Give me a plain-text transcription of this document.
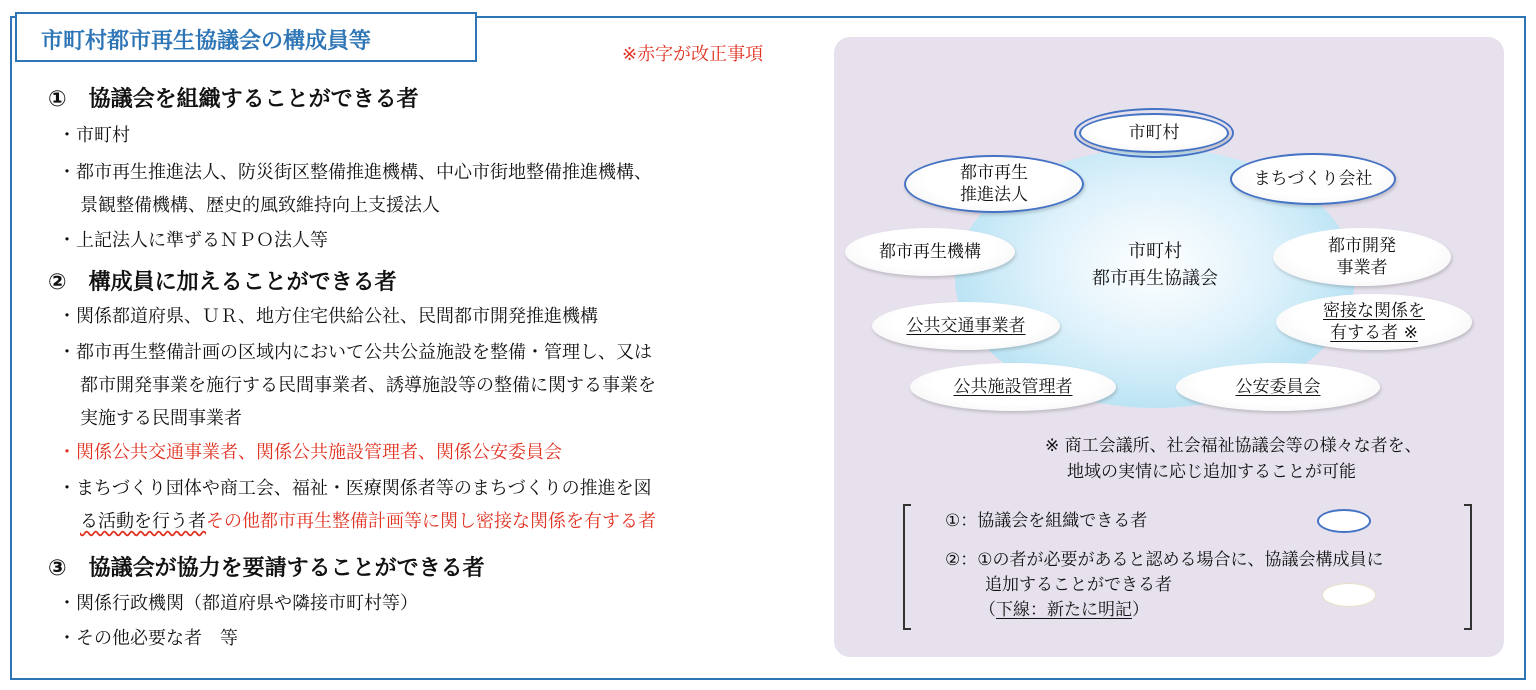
市町村都市再生協議会の構成員等
※赤字が改正事項
①　協議会を組織することができる者
・市町村
・都市再生推進法人、防災街区整備推進機構、中心市街地整備推進機構、
景観整備機構、歴史的風致維持向上支援法人
・上記法人に準ずるＮＰＯ法人等
②　構成員に加えることができる者
・関係都道府県、ＵＲ、地方住宅供給公社、民間都市開発推進機構
・都市再生整備計画の区域内において公共公益施設を整備・管理し、又は
都市開発事業を施行する民間事業者、誘導施設等の整備に関する事業を
実施する民間事業者
・関係公共交通事業者、関係公共施設管理者、関係公安委員会
・まちづくり団体や商工会、福祉・医療関係者等のまちづくりの推進を図
る活動を行う者その他都市再生整備計画等に関し密接な関係を有する者
③　協議会が協力を要請することができる者
・関係行政機関（都道府県や隣接市町村等）
・その他必要な者　等
市町村
都市再生協議会
市町村
都市再生
推進法人
まちづくり会社
都市再生機構	都市開発
事業者
公共交通事業者
密接な関係を
有する者 ※
公共施設管理者	公安委員会
※ 商工会議所、社会福祉協議会等の様々な者を、
地域の実情に応じ追加することが可能
①：協議会を組織できる者
②：①の者が必要があると認める場合に、協議会構成員に
追加することができる者
（下線：新たに明記）
